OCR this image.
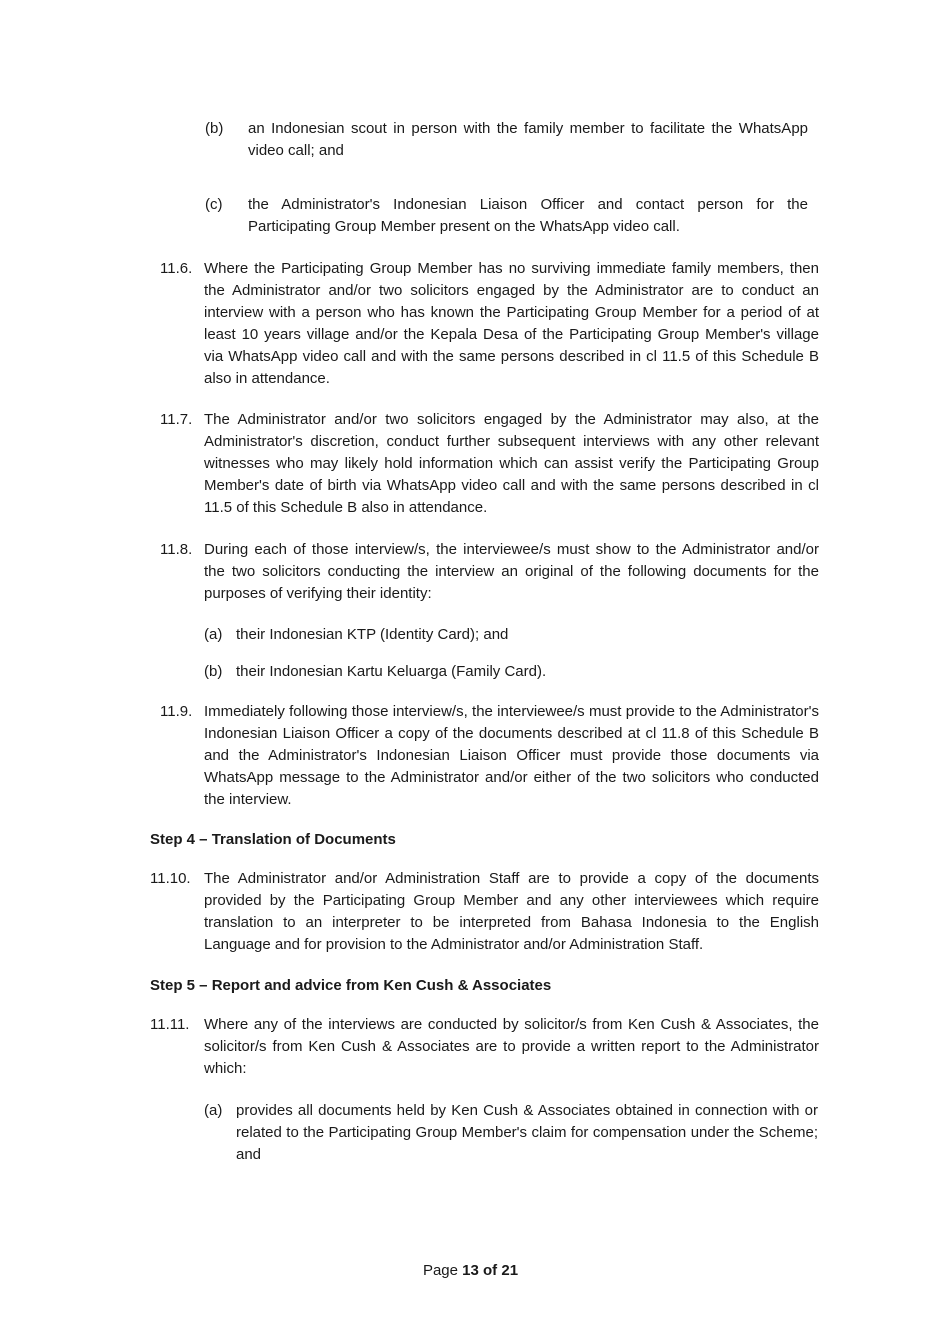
(b) an Indonesian scout in person with the family member to facilitate the WhatsApp video call; and
(c) the Administrator's Indonesian Liaison Officer and contact person for the Participating Group Member present on the WhatsApp video call.
11.6. Where the Participating Group Member has no surviving immediate family members, then the Administrator and/or two solicitors engaged by the Administrator are to conduct an interview with a person who has known the Participating Group Member for a period of at least 10 years village and/or the Kepala Desa of the Participating Group Member's village via WhatsApp video call and with the same persons described in cl 11.5 of this Schedule B also in attendance.
11.7. The Administrator and/or two solicitors engaged by the Administrator may also, at the Administrator's discretion, conduct further subsequent interviews with any other relevant witnesses who may likely hold information which can assist verify the Participating Group Member's date of birth via WhatsApp video call and with the same persons described in cl 11.5 of this Schedule B also in attendance.
11.8. During each of those interview/s, the interviewee/s must show to the Administrator and/or the two solicitors conducting the interview an original of the following documents for the purposes of verifying their identity:
(a) their Indonesian KTP (Identity Card); and
(b) their Indonesian Kartu Keluarga (Family Card).
11.9. Immediately following those interview/s, the interviewee/s must provide to the Administrator's Indonesian Liaison Officer a copy of the documents described at cl 11.8 of this Schedule B and the Administrator's Indonesian Liaison Officer must provide those documents via WhatsApp message to the Administrator and/or either of the two solicitors who conducted the interview.
Step 4 – Translation of Documents
11.10. The Administrator and/or Administration Staff are to provide a copy of the documents provided by the Participating Group Member and any other interviewees which require translation to an interpreter to be interpreted from Bahasa Indonesia to the English Language and for provision to the Administrator and/or Administration Staff.
Step 5 – Report and advice from Ken Cush & Associates
11.11. Where any of the interviews are conducted by solicitor/s from Ken Cush & Associates, the solicitor/s from Ken Cush & Associates are to provide a written report to the Administrator which:
(a) provides all documents held by Ken Cush & Associates obtained in connection with or related to the Participating Group Member's claim for compensation under the Scheme; and
Page 13 of 21
